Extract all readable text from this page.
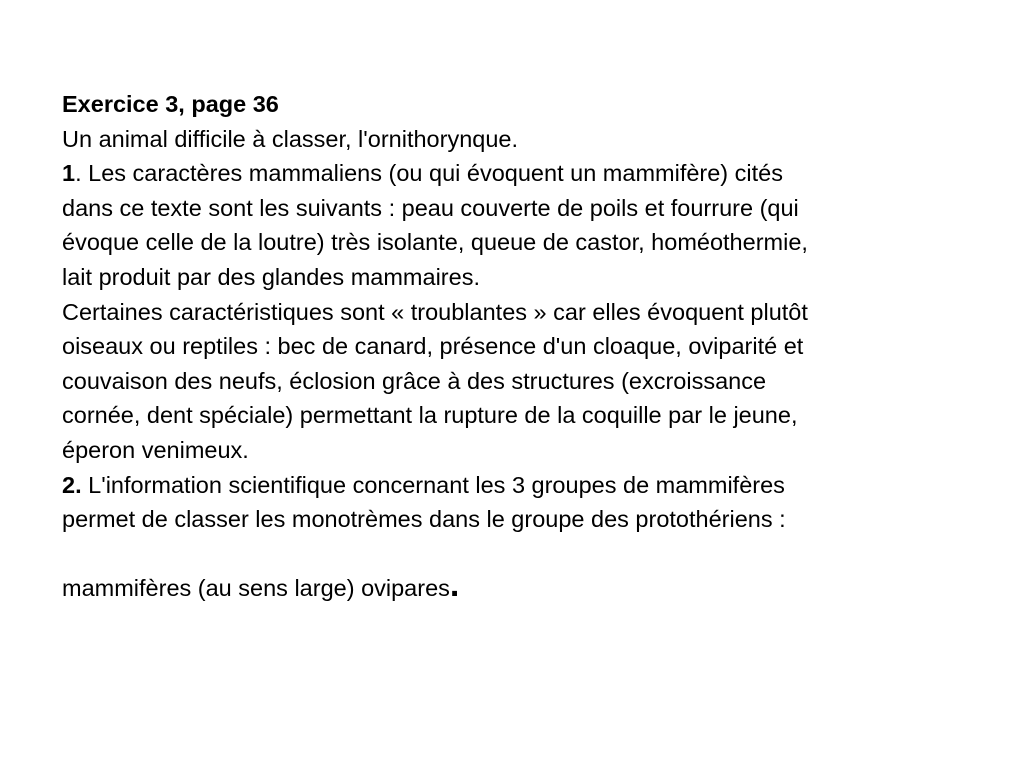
Exercice 3, page 36
Un animal difficile à classer, l'ornithorynque.
1. Les caractères mammaliens (ou qui évoquent un mammifère) cités
dans ce texte sont les suivants : peau couverte de poils et fourrure (qui
évoque celle de la loutre) très isolante, queue de castor, homéothermie,
lait produit par des glandes mammaires.
Certaines caractéristiques sont « troublantes » car elles évoquent plutôt
oiseaux ou reptiles : bec de canard, présence d'un cloaque, oviparité et
couvaison des neufs, éclosion grâce à des structures (excroissance
cornée, dent spéciale) permettant la rupture de la coquille par le jeune,
éperon venimeux.
2. L'information scientifique concernant les 3 groupes de mammifères
permet de classer les monotrèmes dans le groupe des protothériens :
mammifères (au sens large) ovipares.
